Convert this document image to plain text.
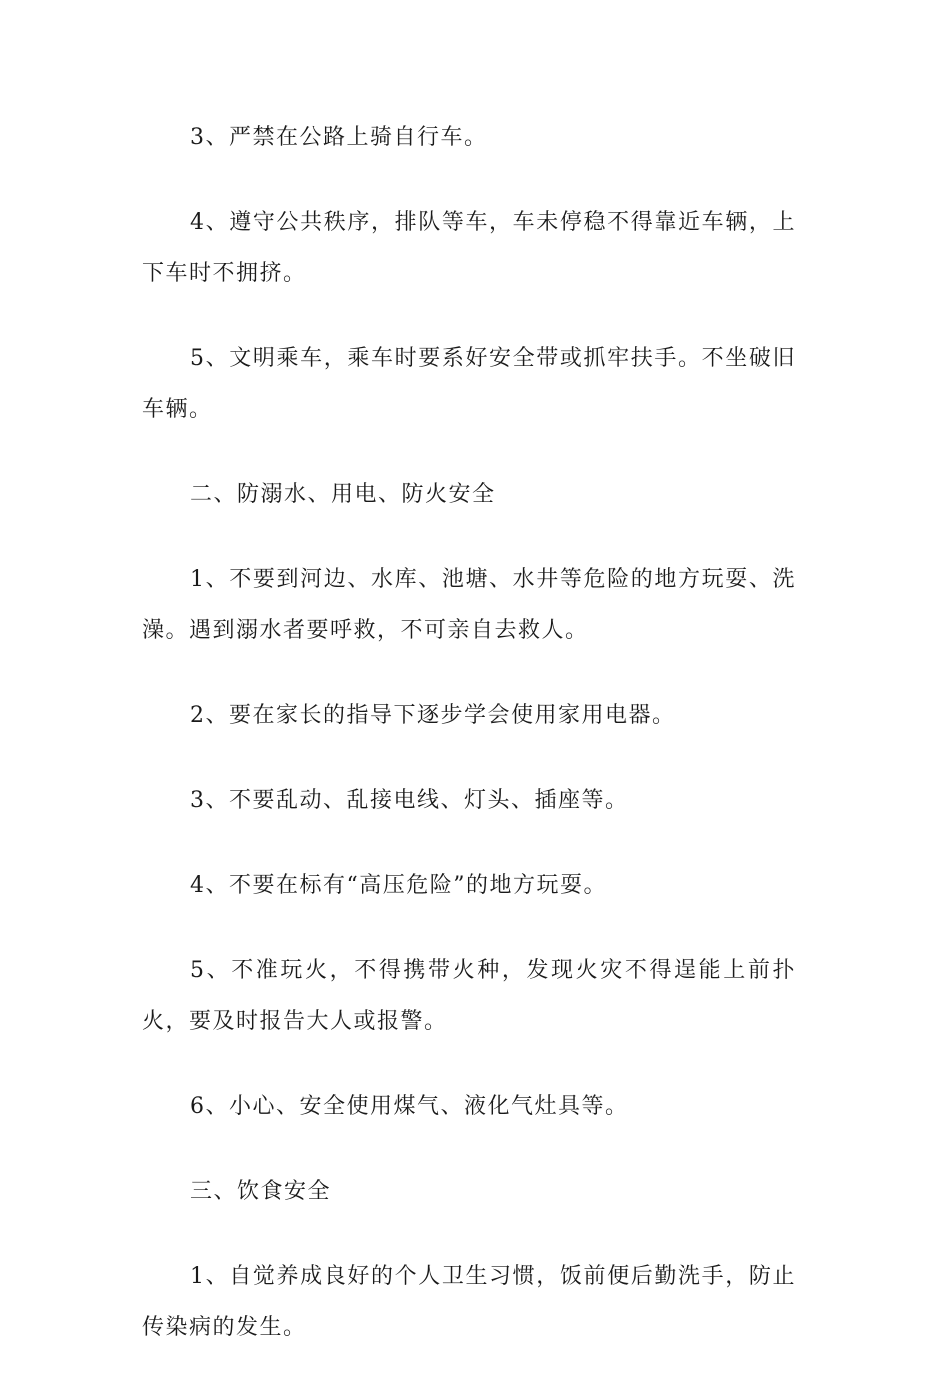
3、严禁在公路上骑自行车。

4、遵守公共秩序，排队等车，车未停稳不得靠近车辆，上下车时不拥挤。

5、文明乘车，乘车时要系好安全带或抓牢扶手。不坐破旧车辆。

二、防溺水、用电、防火安全

1、不要到河边、水库、池塘、水井等危险的地方玩耍、洗澡。遇到溺水者要呼救，不可亲自去救人。

2、要在家长的指导下逐步学会使用家用电器。

3、不要乱动、乱接电线、灯头、插座等。

4、不要在标有“高压危险”的地方玩耍。

5、不准玩火，不得携带火种，发现火灾不得逞能上前扑火，要及时报告大人或报警。

6、小心、安全使用煤气、液化气灶具等。

三、饮食安全

1、自觉养成良好的个人卫生习惯，饭前便后勤洗手，防止传染病的发生。
